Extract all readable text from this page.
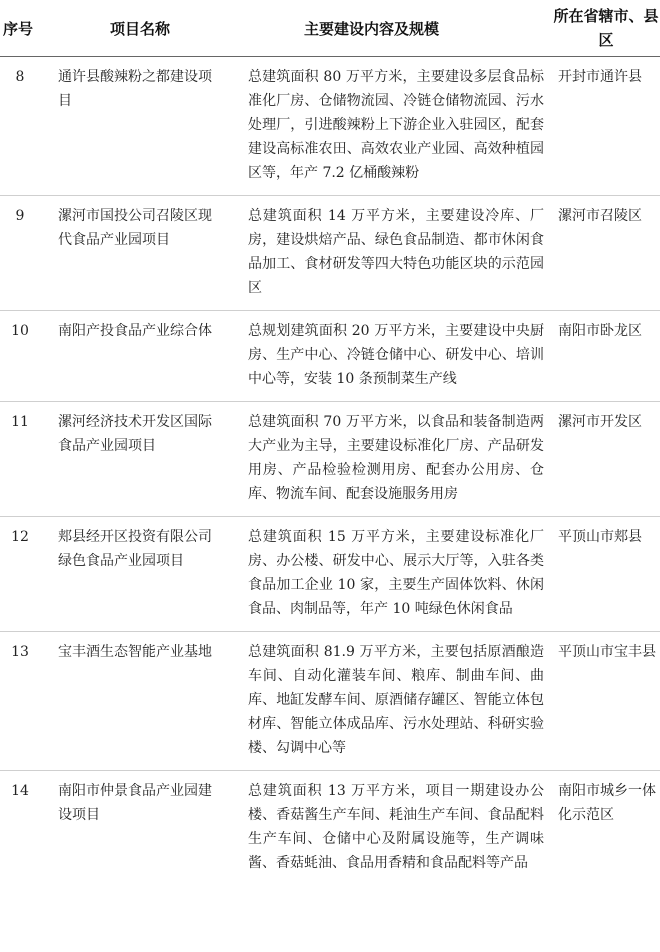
序号	项目名称	主要建设内容及规模	所在省辖市、县区
8	通许县酸辣粉之都建设项目	总建筑面积 80 万平方米，主要建设多层食品标准化厂房、仓储物流园、冷链仓储物流园、污水处理厂，引进酸辣粉上下游企业入驻园区，配套建设高标准农田、高效农业产业园、高效种植园区等，年产 7.2 亿桶酸辣粉	开封市通许县
9	漯河市国投公司召陵区现代食品产业园项目	总建筑面积 14 万平方米，主要建设冷库、厂房，建设烘焙产品、绿色食品制造、都市休闲食品加工、食材研发等四大特色功能区块的示范园区	漯河市召陵区
10	南阳产投食品产业综合体	总规划建筑面积 20 万平方米，主要建设中央厨房、生产中心、冷链仓储中心、研发中心、培训中心等，安装 10 条预制菜生产线	南阳市卧龙区
11	漯河经济技术开发区国际食品产业园项目	总建筑面积 70 万平方米，以食品和装备制造两大产业为主导，主要建设标准化厂房、产品研发用房、产品检验检测用房、配套办公用房、仓库、物流车间、配套设施服务用房	漯河市开发区
12	郏县经开区投资有限公司绿色食品产业园项目	总建筑面积 15 万平方米，主要建设标准化厂房、办公楼、研发中心、展示大厅等，入驻各类食品加工企业 10 家，主要生产固体饮料、休闲食品、肉制品等，年产 10 吨绿色休闲食品	平顶山市郏县
13	宝丰酒生态智能产业基地	总建筑面积 81.9 万平方米，主要包括原酒酿造车间、自动化灌装车间、粮库、制曲车间、曲库、地缸发酵车间、原酒储存罐区、智能立体包材库、智能立体成品库、污水处理站、科研实验楼、勾调中心等	平顶山市宝丰县
14	南阳市仲景食品产业园建设项目	总建筑面积 13 万平方米，项目一期建设办公楼、香菇酱生产车间、耗油生产车间、食品配料生产车间、仓储中心及附属设施等，生产调味酱、香菇蚝油、食品用香精和食品配料等产品	南阳市城乡一体化示范区
